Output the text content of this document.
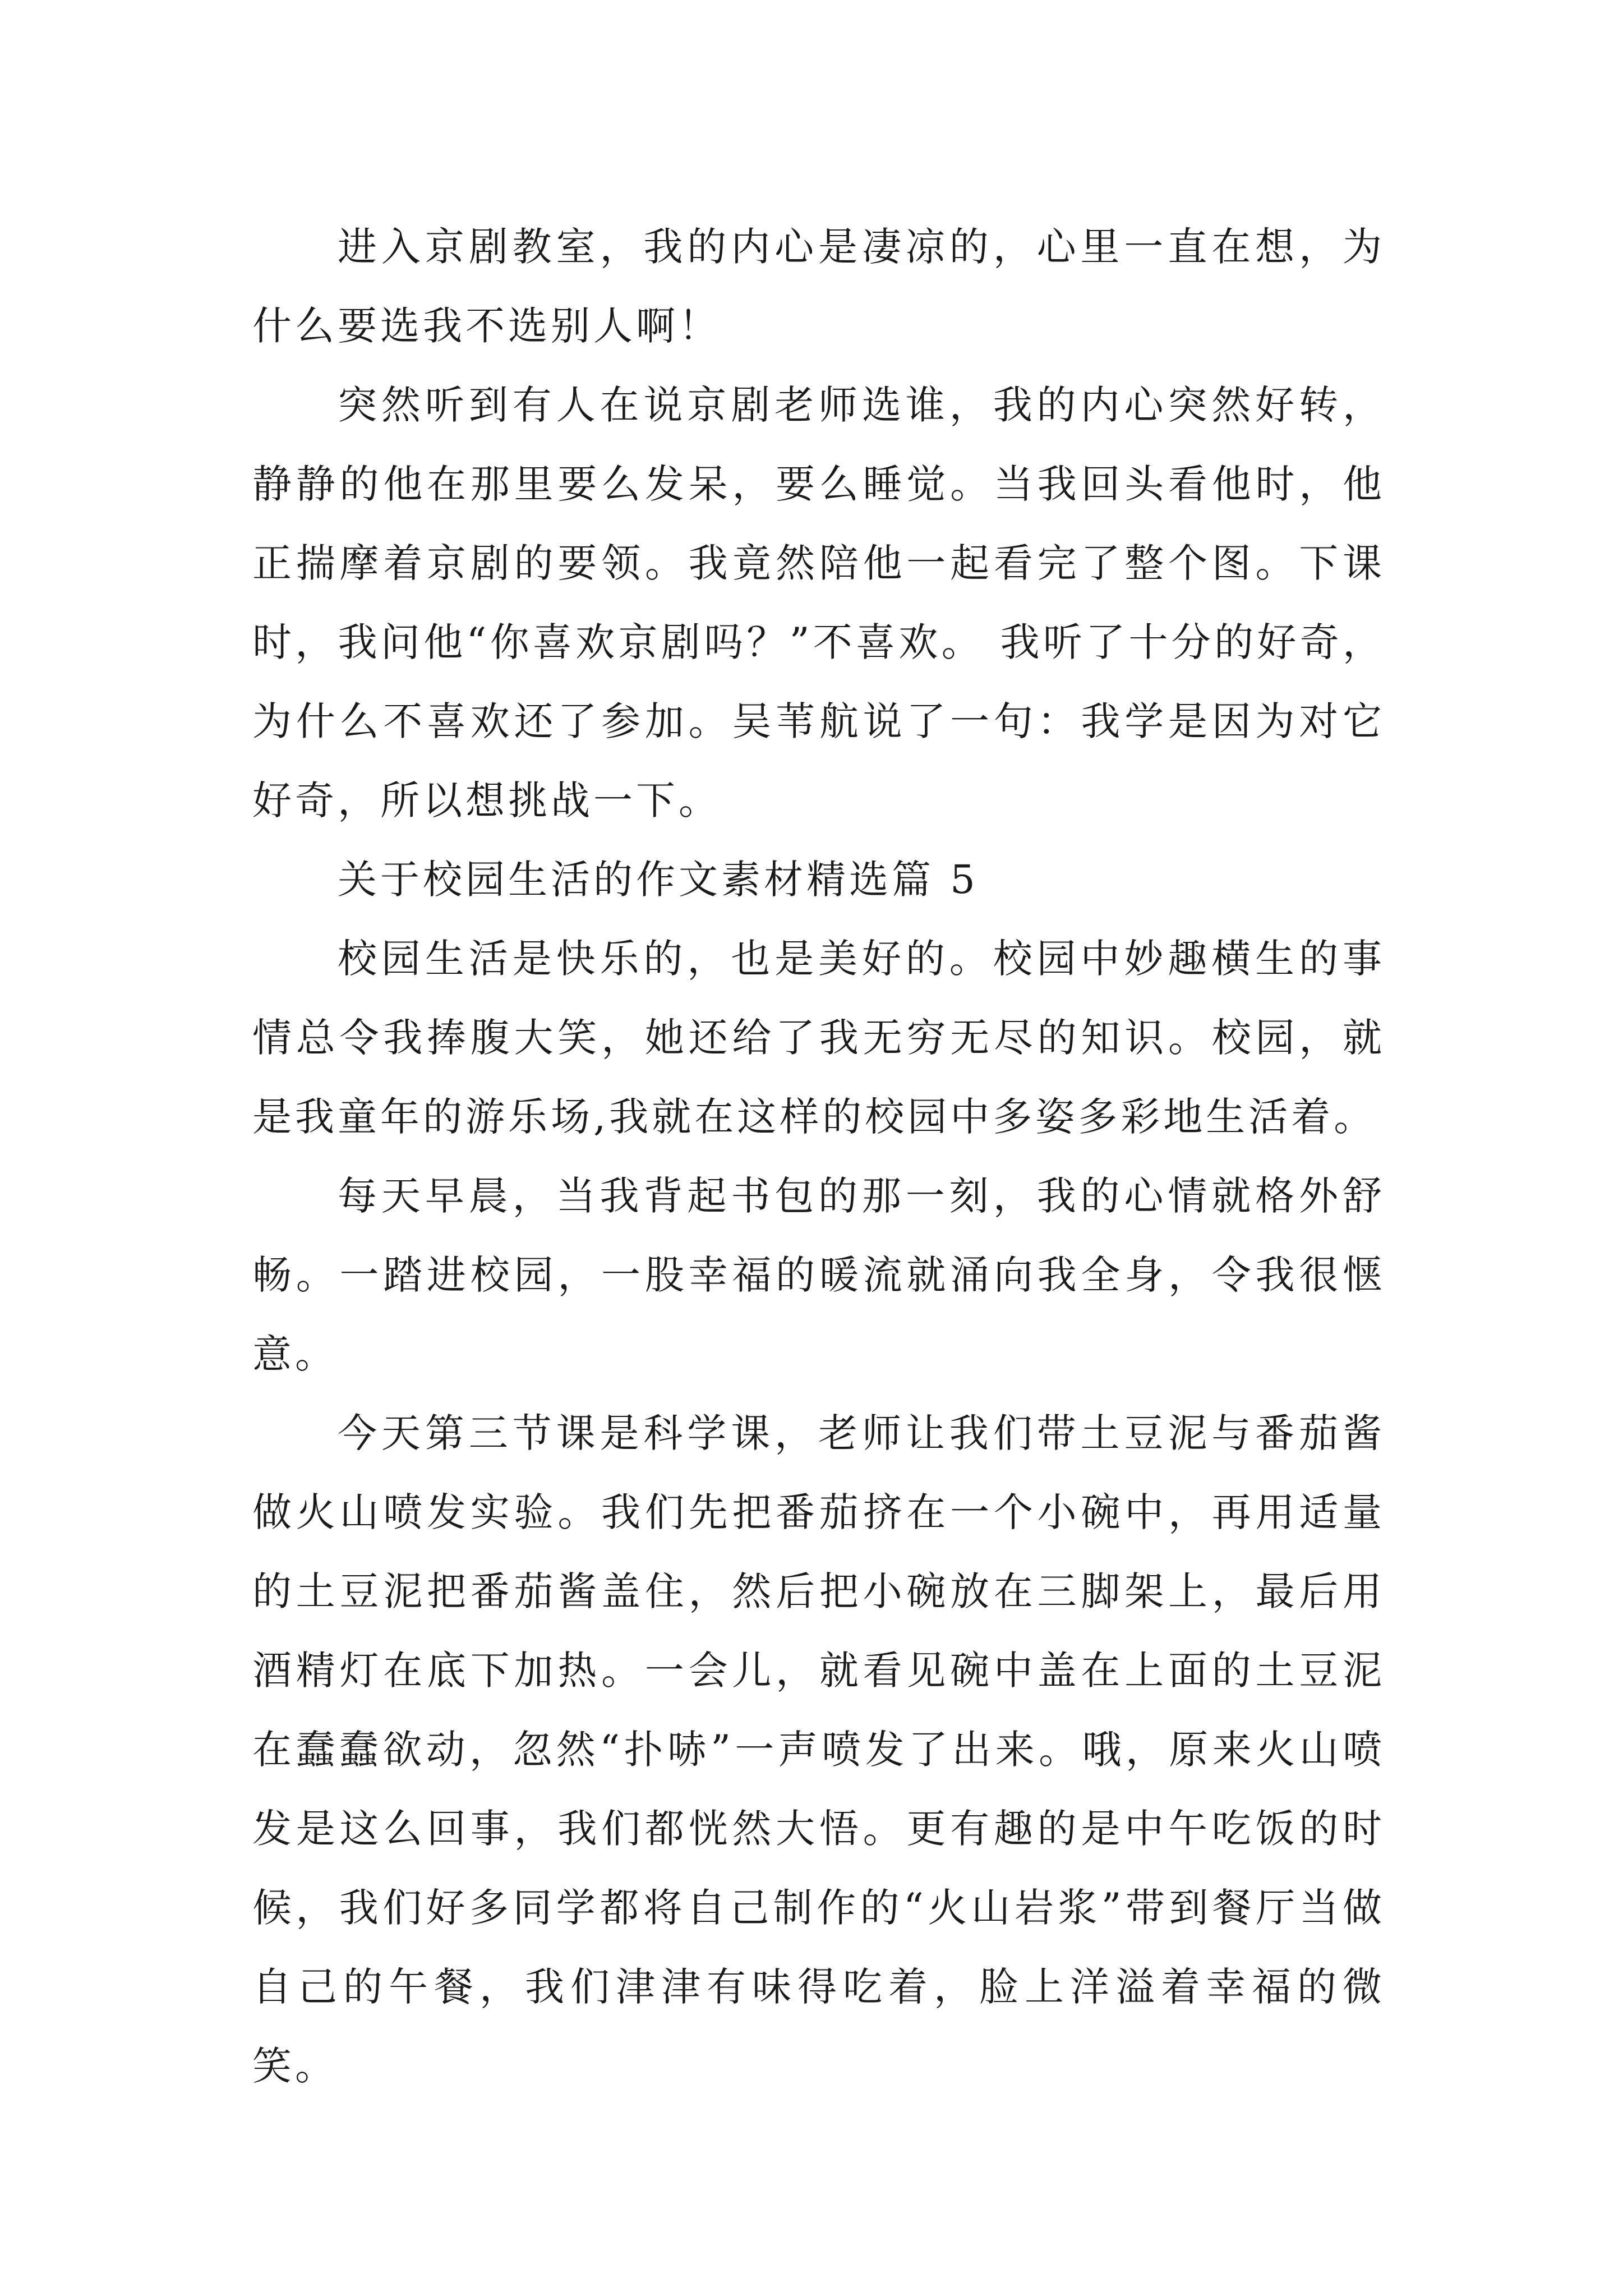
进入京剧教室，我的内心是凄凉的，心里一直在想，为什么要选我不选别人啊！

突然听到有人在说京剧老师选谁，我的内心突然好转，静静的他在那里要么发呆，要么睡觉。当我回头看他时，他正揣摩着京剧的要领。我竟然陪他一起看完了整个图。下课时，我问他“你喜欢京剧吗？”不喜欢。 我听了十分的好奇，为什么不喜欢还了参加。吴苇航说了一句：我学是因为对它好奇，所以想挑战一下。

关于校园生活的作文素材精选篇 5

校园生活是快乐的，也是美好的。校园中妙趣横生的事情总令我捧腹大笑，她还给了我无穷无尽的知识。校园，就是我童年的游乐场,我就在这样的校园中多姿多彩地生活着。

每天早晨，当我背起书包的那一刻，我的心情就格外舒畅。一踏进校园，一股幸福的暖流就涌向我全身，令我很惬意。

今天第三节课是科学课，老师让我们带土豆泥与番茄酱做火山喷发实验。我们先把番茄挤在一个小碗中，再用适量的土豆泥把番茄酱盖住，然后把小碗放在三脚架上，最后用酒精灯在底下加热。一会儿，就看见碗中盖在上面的土豆泥在蠢蠢欲动，忽然“扑哧”一声喷发了出来。哦，原来火山喷发是这么回事，我们都恍然大悟。更有趣的是中午吃饭的时候，我们好多同学都将自己制作的“火山岩浆”带到餐厅当做自己的午餐，我们津津有味得吃着，脸上洋溢着幸福的微笑。
